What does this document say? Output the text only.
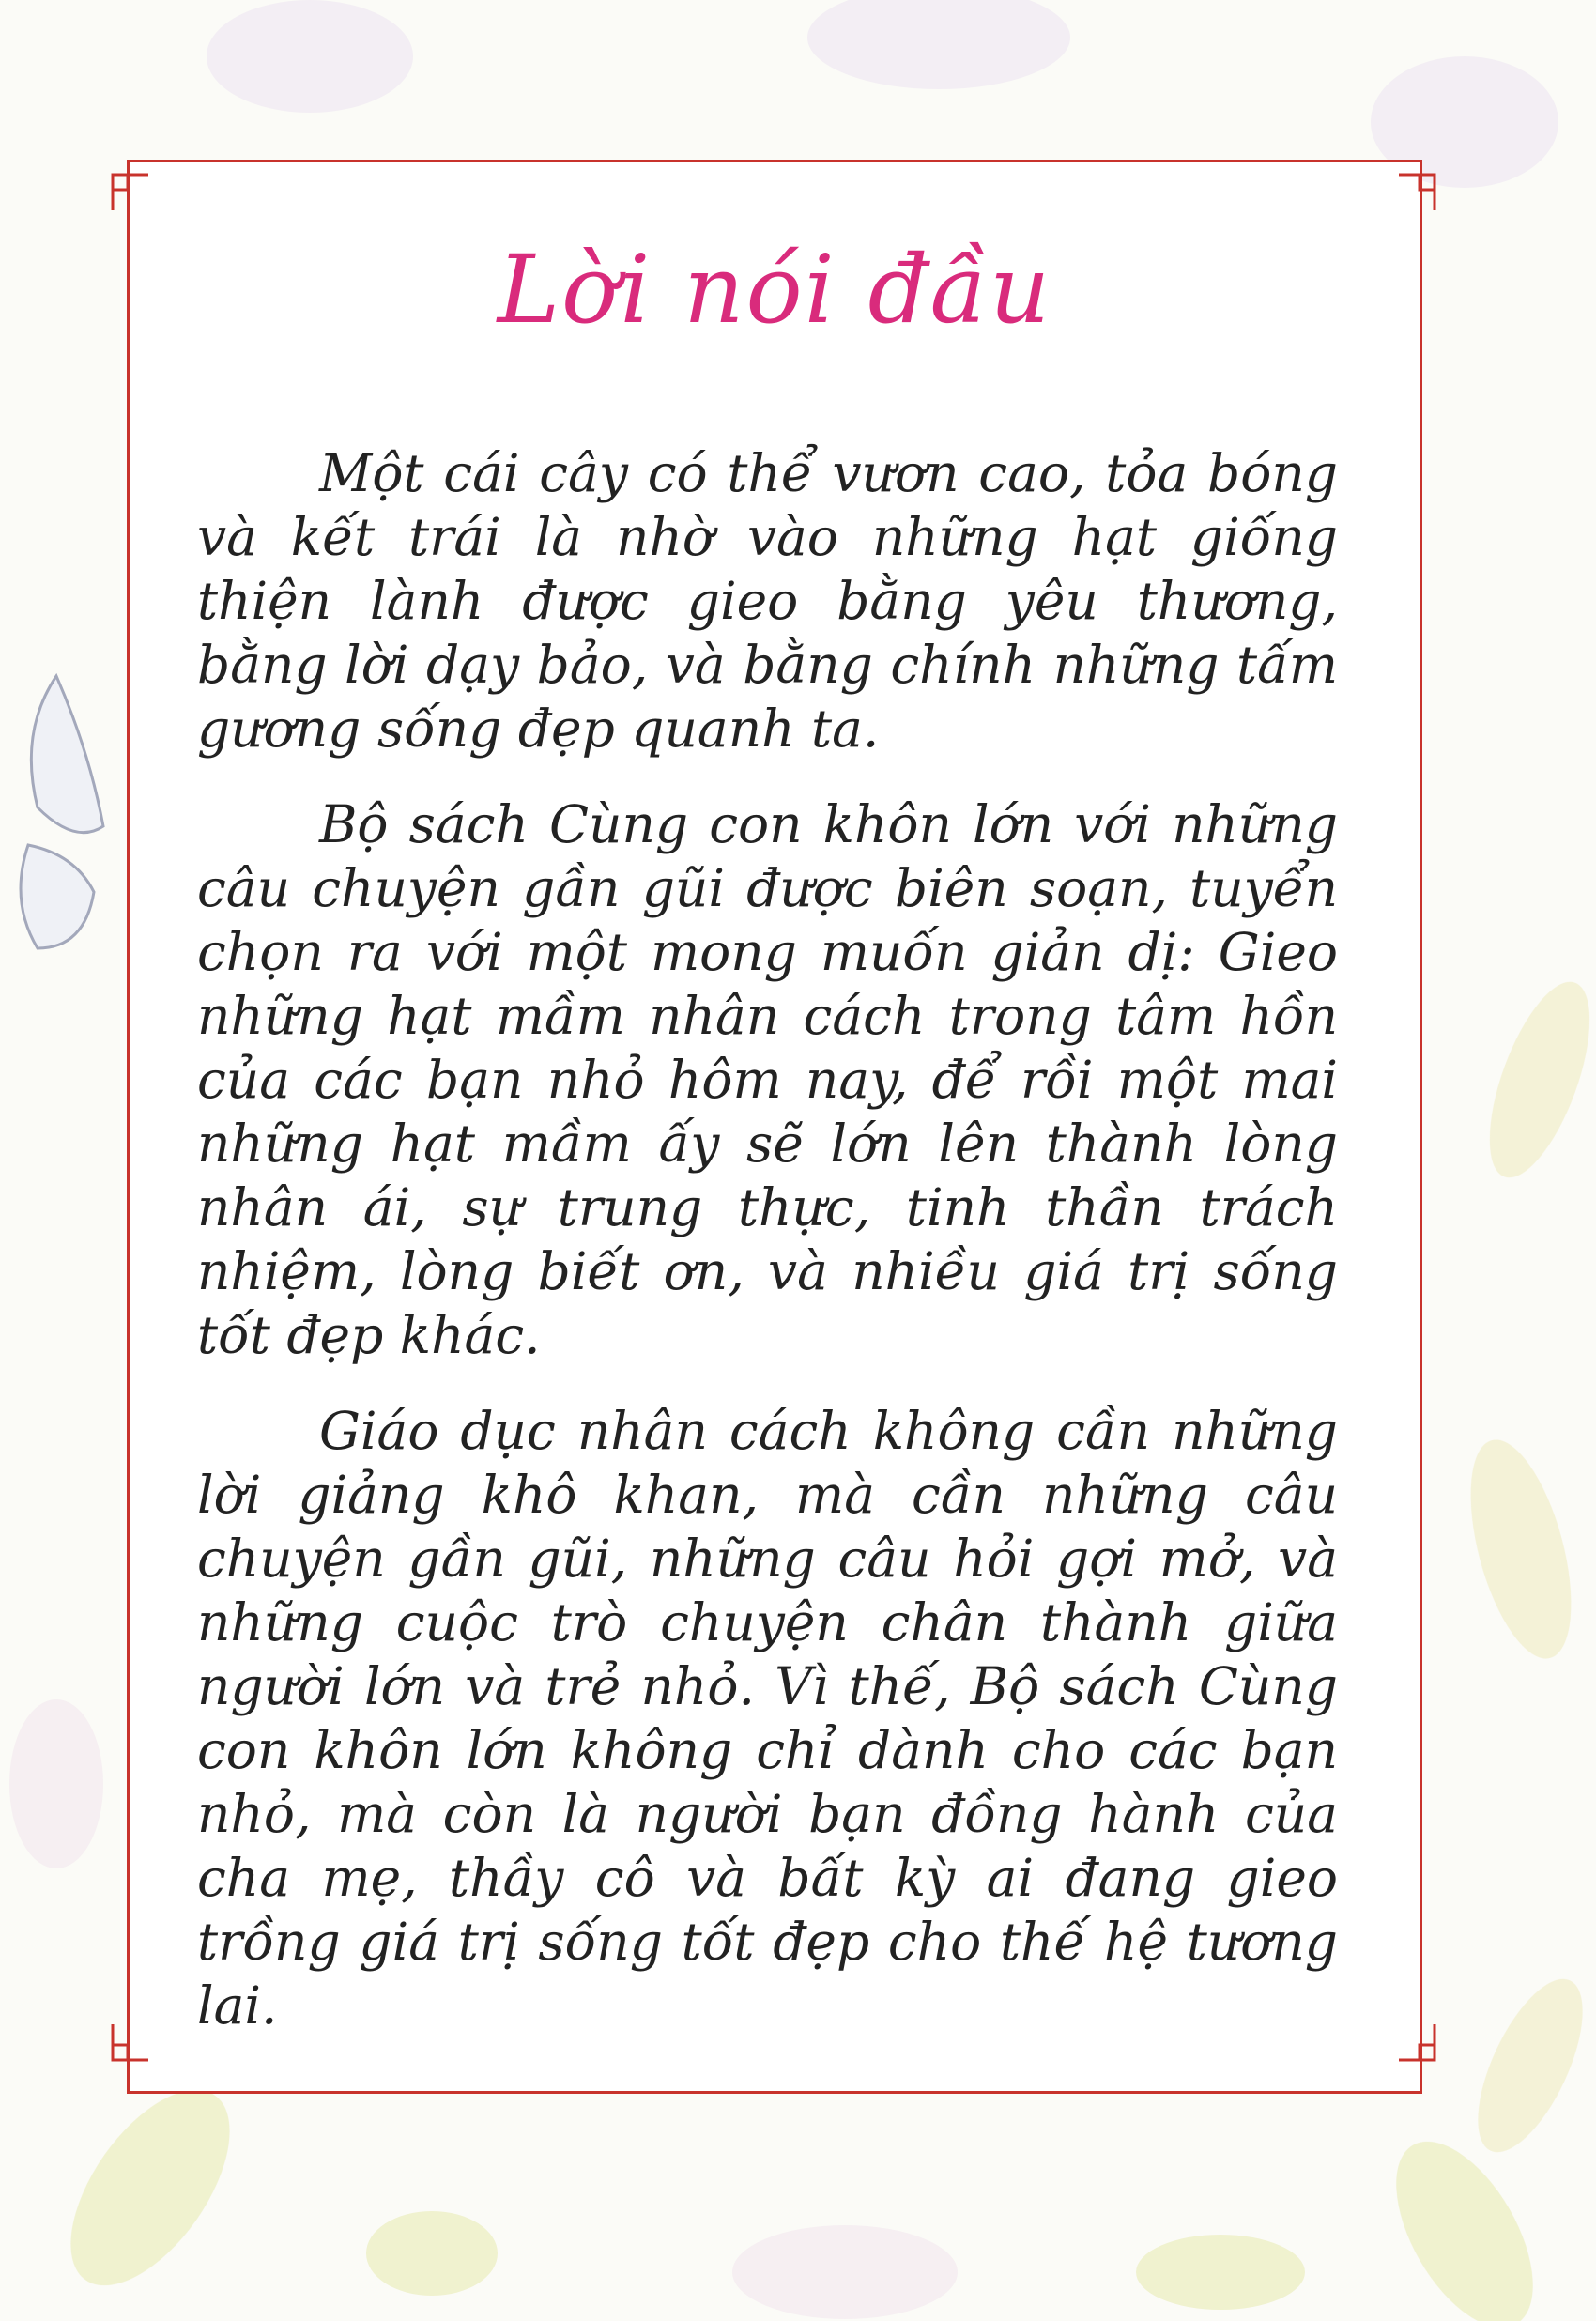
Lời nói đầu

Một cái cây có thể vươn cao, tỏa bóng và kết trái là nhờ vào những hạt giống thiện lành được gieo bằng yêu thương, bằng lời dạy bảo, và bằng chính những tấm gương sống đẹp quanh ta.

Bộ sách Cùng con khôn lớn với những câu chuyện gần gũi được biên soạn, tuyển chọn ra với một mong muốn giản dị: Gieo những hạt mầm nhân cách trong tâm hồn của các bạn nhỏ hôm nay, để rồi một mai những hạt mầm ấy sẽ lớn lên thành lòng nhân ái, sự trung thực, tinh thần trách nhiệm, lòng biết ơn, và nhiều giá trị sống tốt đẹp khác.

Giáo dục nhân cách không cần những lời giảng khô khan, mà cần những câu chuyện gần gũi, những câu hỏi gợi mở, và những cuộc trò chuyện chân thành giữa người lớn và trẻ nhỏ. Vì thế, Bộ sách Cùng con khôn lớn không chỉ dành cho các bạn nhỏ, mà còn là người bạn đồng hành của cha mẹ, thầy cô và bất kỳ ai đang gieo trồng giá trị sống tốt đẹp cho thế hệ tương lai.
